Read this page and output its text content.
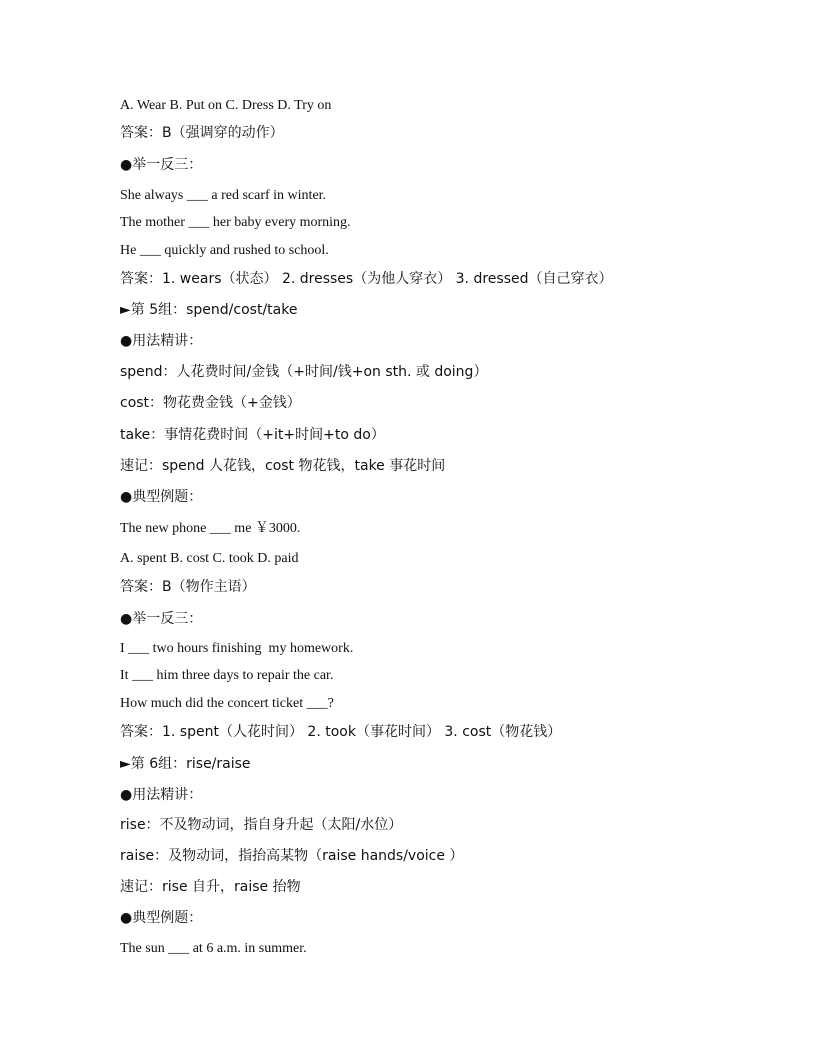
A. Wear B. Put on C. Dress D. Try on
答案：B（强调穿的动作）
●举一反三：
She always ___ a red scarf in winter.
The mother ___ her baby every morning.
He ___ quickly and rushed to school.
答案：1. wears（状态） 2. dresses（为他人穿衣） 3. dressed（自己穿衣）
►第 5组：spend/cost/take
●用法精讲：
spend：人花费时间/金钱（+时间/钱+on sth. 或 doing）
cost：物花费金钱（+金钱）
take：事情花费时间（+it+时间+to do）
速记：spend 人花钱，cost 物花钱，take 事花时间
●典型例题：
The new phone ___ me ￥3000.
A. spent B. cost C. took D. paid
答案：B（物作主语）
●举一反三：
I ___ two hours finishing  my homework.
It ___ him three days to repair the car.
How much did the concert ticket ___?
答案：1. spent（人花时间） 2. took（事花时间） 3. cost（物花钱）
►第 6组：rise/raise
●用法精讲：
rise：不及物动词，指自身升起（太阳/水位）
raise：及物动词，指抬高某物（raise hands/voice ）
速记：rise 自升，raise 抬物
●典型例题：
The sun ___ at 6 a.m. in summer.
